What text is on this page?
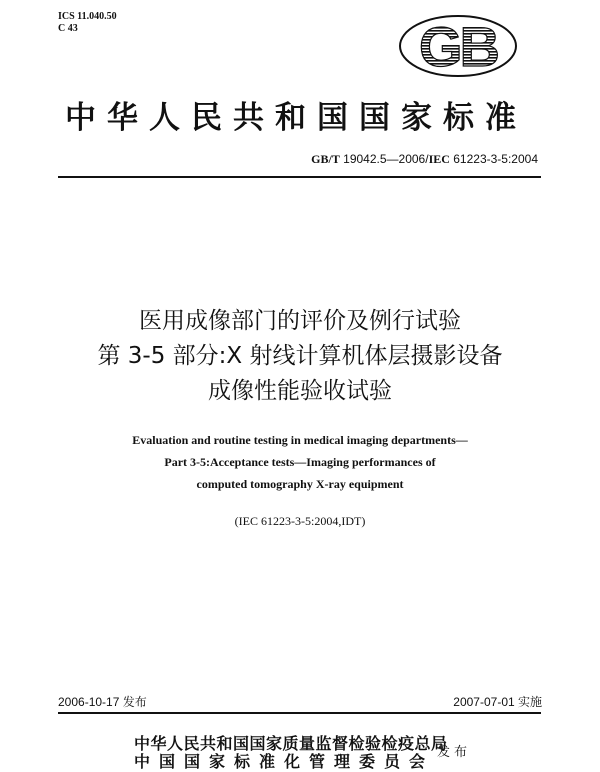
ICS 11.040.50
C 43	GB
中华人民共和国国家标准
GB/T 19042.5—2006/IEC 61223-3-5:2004
医用成像部门的评价及例行试验
第 3-5 部分:X 射线计算机体层摄影设备
成像性能验收试验
Evaluation and routine testing in medical imaging departments—
Part 3-5:Acceptance tests—Imaging performances of
computed tomography X-ray equipment
(IEC 61223-3-5:2004,IDT)
2006-10-17 发布	2007-07-01 实施
中华人民共和国国家质量监督检验检疫总局
中国国家标准化管理委员会 发布
